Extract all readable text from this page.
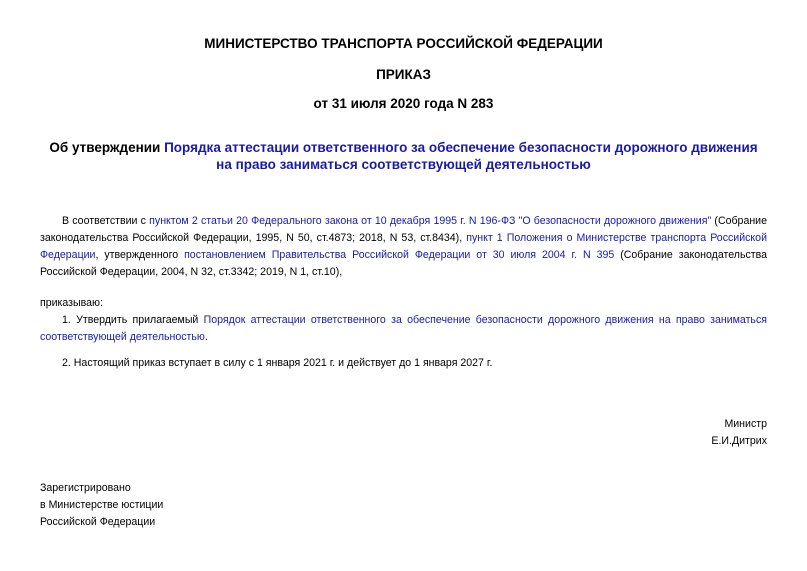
МИНИСТЕРСТВО ТРАНСПОРТА РОССИЙСКОЙ ФЕДЕРАЦИИ
ПРИКАЗ
от 31 июля 2020 года N 283
Об утверждении Порядка аттестации ответственного за обеспечение безопасности дорожного движения на право заниматься соответствующей деятельностью
В соответствии с пунктом 2 статьи 20 Федерального закона от 10 декабря 1995 г. N 196-ФЗ "О безопасности дорожного движения" (Собрание законодательства Российской Федерации, 1995, N 50, ст.4873; 2018, N 53, ст.8434), пункт 1 Положения о Министерстве транспорта Российской Федерации, утвержденного постановлением Правительства Российской Федерации от 30 июля 2004 г. N 395 (Собрание законодательства Российской Федерации, 2004, N 32, ст.3342; 2019, N 1, ст.10),
приказываю:
1. Утвердить прилагаемый Порядок аттестации ответственного за обеспечение безопасности дорожного движения на право заниматься соответствующей деятельностью.
2. Настоящий приказ вступает в силу с 1 января 2021 г. и действует до 1 января 2027 г.
Министр
Е.И.Дитрих
Зарегистрировано
в Министерстве юстиции
Российской Федерации
